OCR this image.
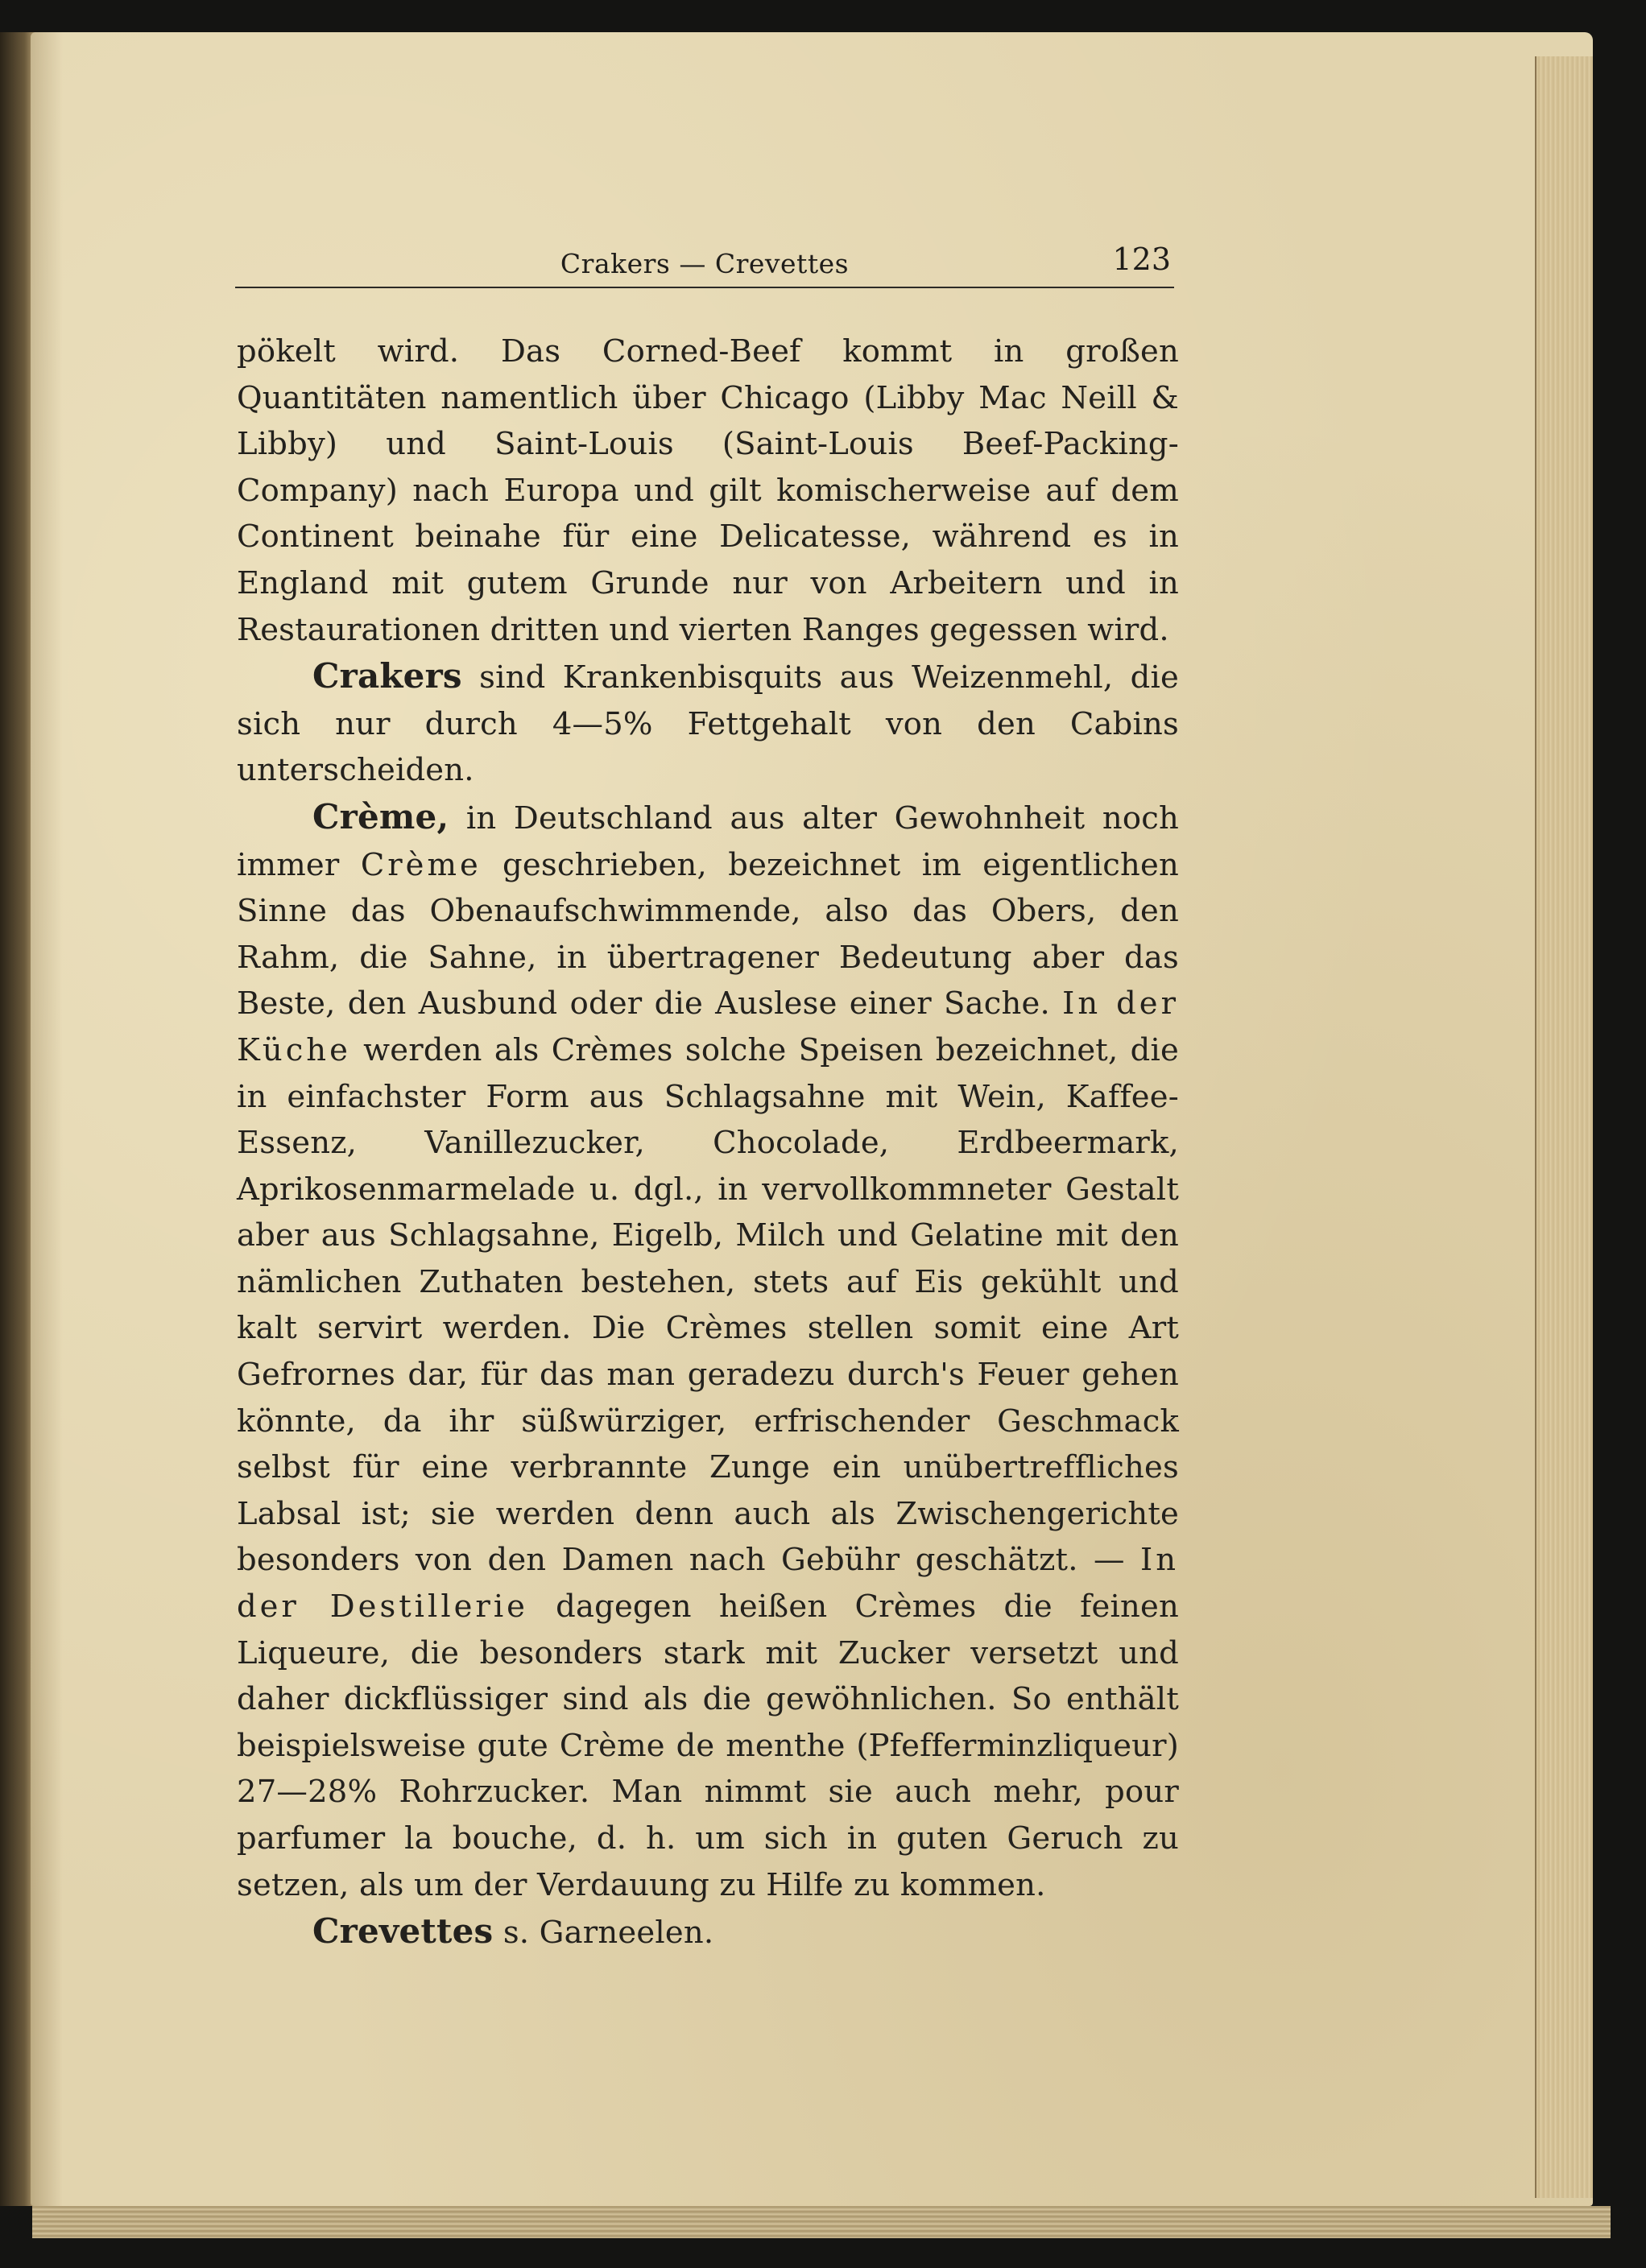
Crakers — Crevettes	123

pökelt wird. Das Corned-Beef kommt in großen Quantitäten namentlich über Chicago (Libby Mac Neill & Libby) und Saint-Louis (Saint-Louis Beef-Packing-Company) nach Europa und gilt komischerweise auf dem Continent beinahe für eine Delicatesse, während es in England mit gutem Grunde nur von Arbeitern und in Restaurationen dritten und vierten Ranges gegessen wird.

Crakers sind Krankenbisquits aus Weizenmehl, die sich nur durch 4—5% Fettgehalt von den Cabins unterscheiden.

Crème, in Deutschland aus alter Gewohnheit noch immer Crème geschrieben, bezeichnet im eigentlichen Sinne das Obenaufschwimmende, also das Obers, den Rahm, die Sahne, in übertragener Bedeutung aber das Beste, den Ausbund oder die Auslese einer Sache. In der Küche werden als Crèmes solche Speisen bezeichnet, die in einfachster Form aus Schlagsahne mit Wein, Kaffee-Essenz, Vanillezucker, Chocolade, Erdbeermark, Aprikosenmarmelade u. dgl., in vervollkommneter Gestalt aber aus Schlagsahne, Eigelb, Milch und Gelatine mit den nämlichen Zuthaten bestehen, stets auf Eis gekühlt und kalt servirt werden. Die Crèmes stellen somit eine Art Gefrornes dar, für das man geradezu durch's Feuer gehen könnte, da ihr süßwürziger, erfrischender Geschmack selbst für eine verbrannte Zunge ein unübertreffliches Labsal ist; sie werden denn auch als Zwischengerichte besonders von den Damen nach Gebühr geschätzt. — In der Destillerie dagegen heißen Crèmes die feinen Liqueure, die besonders stark mit Zucker versetzt und daher dickflüssiger sind als die gewöhnlichen. So enthält beispielsweise gute Crème de menthe (Pfefferminzliqueur) 27—28% Rohrzucker. Man nimmt sie auch mehr, pour parfumer la bouche, d. h. um sich in guten Geruch zu setzen, als um der Verdauung zu Hilfe zu kommen.

Crevettes s. Garneelen.
